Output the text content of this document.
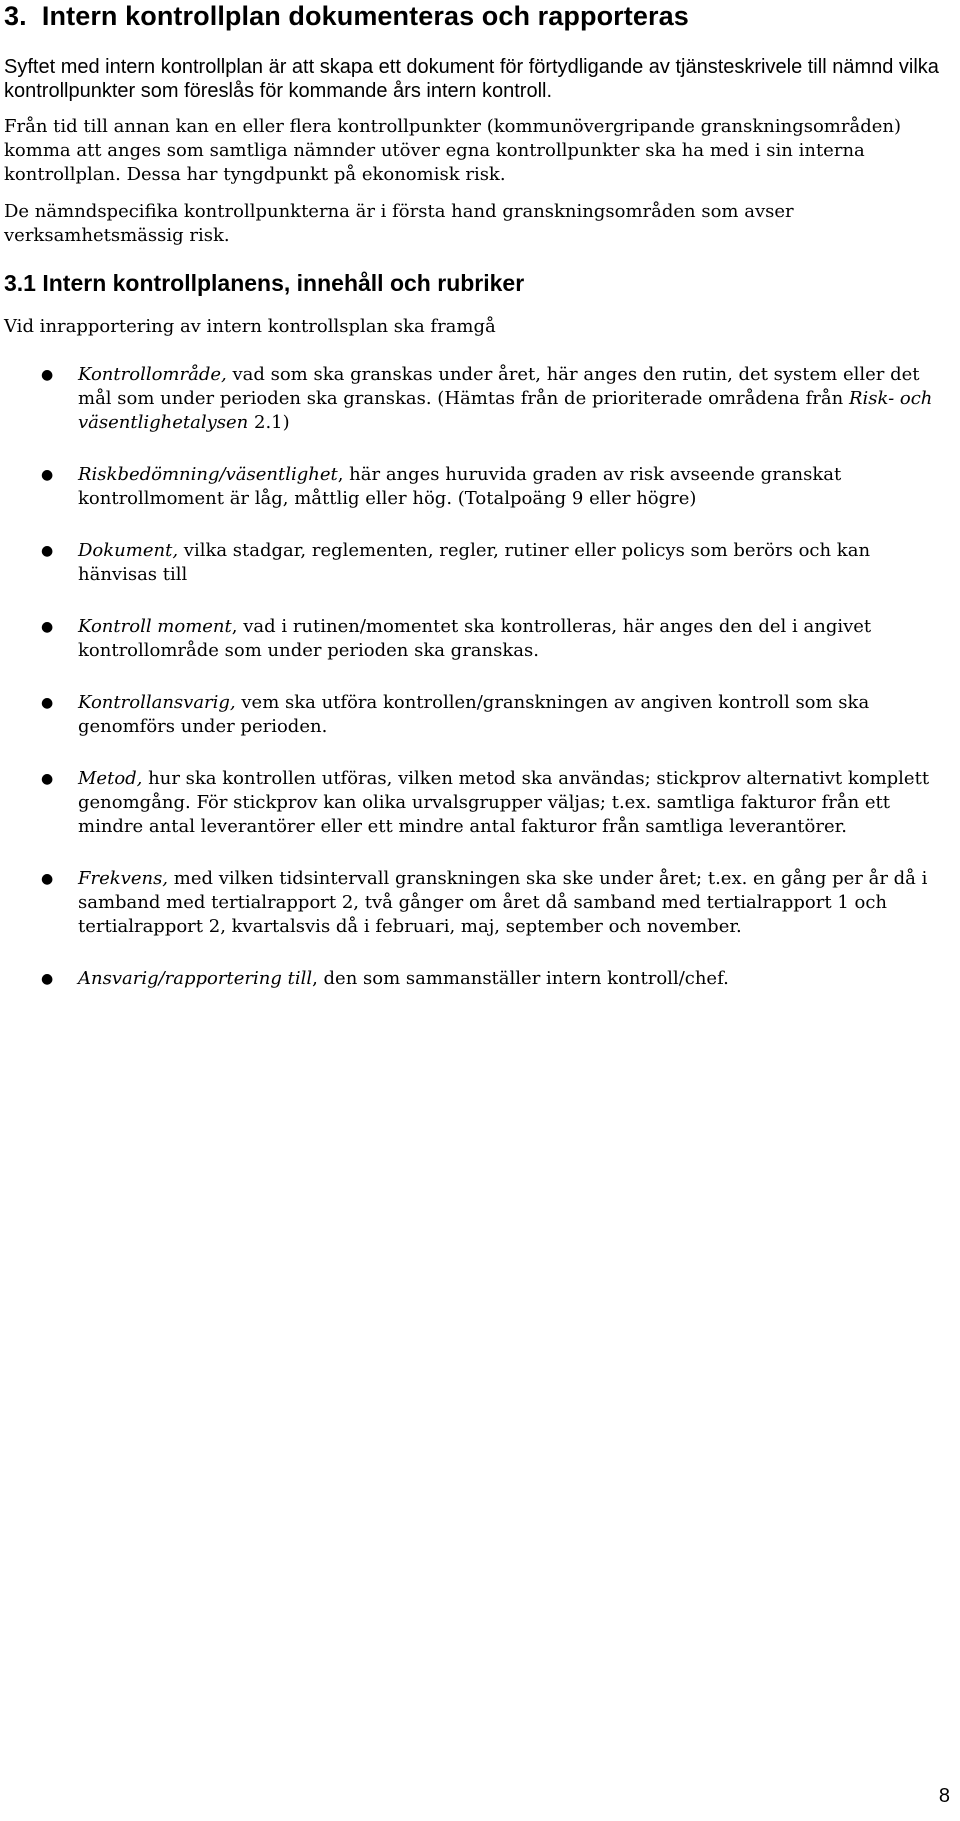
3.  Intern kontrollplan dokumenteras och rapporteras

Syftet med intern kontrollplan är att skapa ett dokument för förtydligande av tjänsteskrivele till nämnd vilka kontrollpunkter som föreslås för kommande års intern kontroll.

Från tid till annan kan en eller flera kontrollpunkter (kommunövergripande granskningsområden) komma att anges som samtliga nämnder utöver egna kontrollpunkter ska ha med i sin interna kontrollplan. Dessa har tyngdpunkt på ekonomisk risk.

De nämndspecifika kontrollpunkterna är i första hand granskningsområden som avser verksamhetsmässig risk.

3.1 Intern kontrollplanens, innehåll och rubriker

Vid inrapportering av intern kontrollsplan ska framgå

● Kontrollområde, vad som ska granskas under året, här anges den rutin, det system eller det mål som under perioden ska granskas. (Hämtas från de prioriterade områdena från Risk- och väsentlighetalysen 2.1)
● Riskbedömning/väsentlighet, här anges huruvida graden av risk avseende granskat kontrollmoment är låg, måttlig eller hög. (Totalpoäng 9 eller högre)
● Dokument, vilka stadgar, reglementen, regler, rutiner eller policys som berörs och kan hänvisas till
● Kontroll moment, vad i rutinen/momentet ska kontrolleras, här anges den del i angivet kontrollområde som under perioden ska granskas.
● Kontrollansvarig, vem ska utföra kontrollen/granskningen av angiven kontroll som ska genomförs under perioden.
● Metod, hur ska kontrollen utföras, vilken metod ska användas; stickprov alternativt komplett genomgång. För stickprov kan olika urvalsgrupper väljas; t.ex. samtliga fakturor från ett mindre antal leverantörer eller ett mindre antal fakturor från samtliga leverantörer.
● Frekvens, med vilken tidsintervall granskningen ska ske under året; t.ex. en gång per år då i samband med tertialrapport 2, två gånger om året då samband med tertialrapport 1 och tertialrapport 2, kvartalsvis då i februari, maj, september och november.
● Ansvarig/rapportering till, den som sammanställer intern kontroll/chef.
8
